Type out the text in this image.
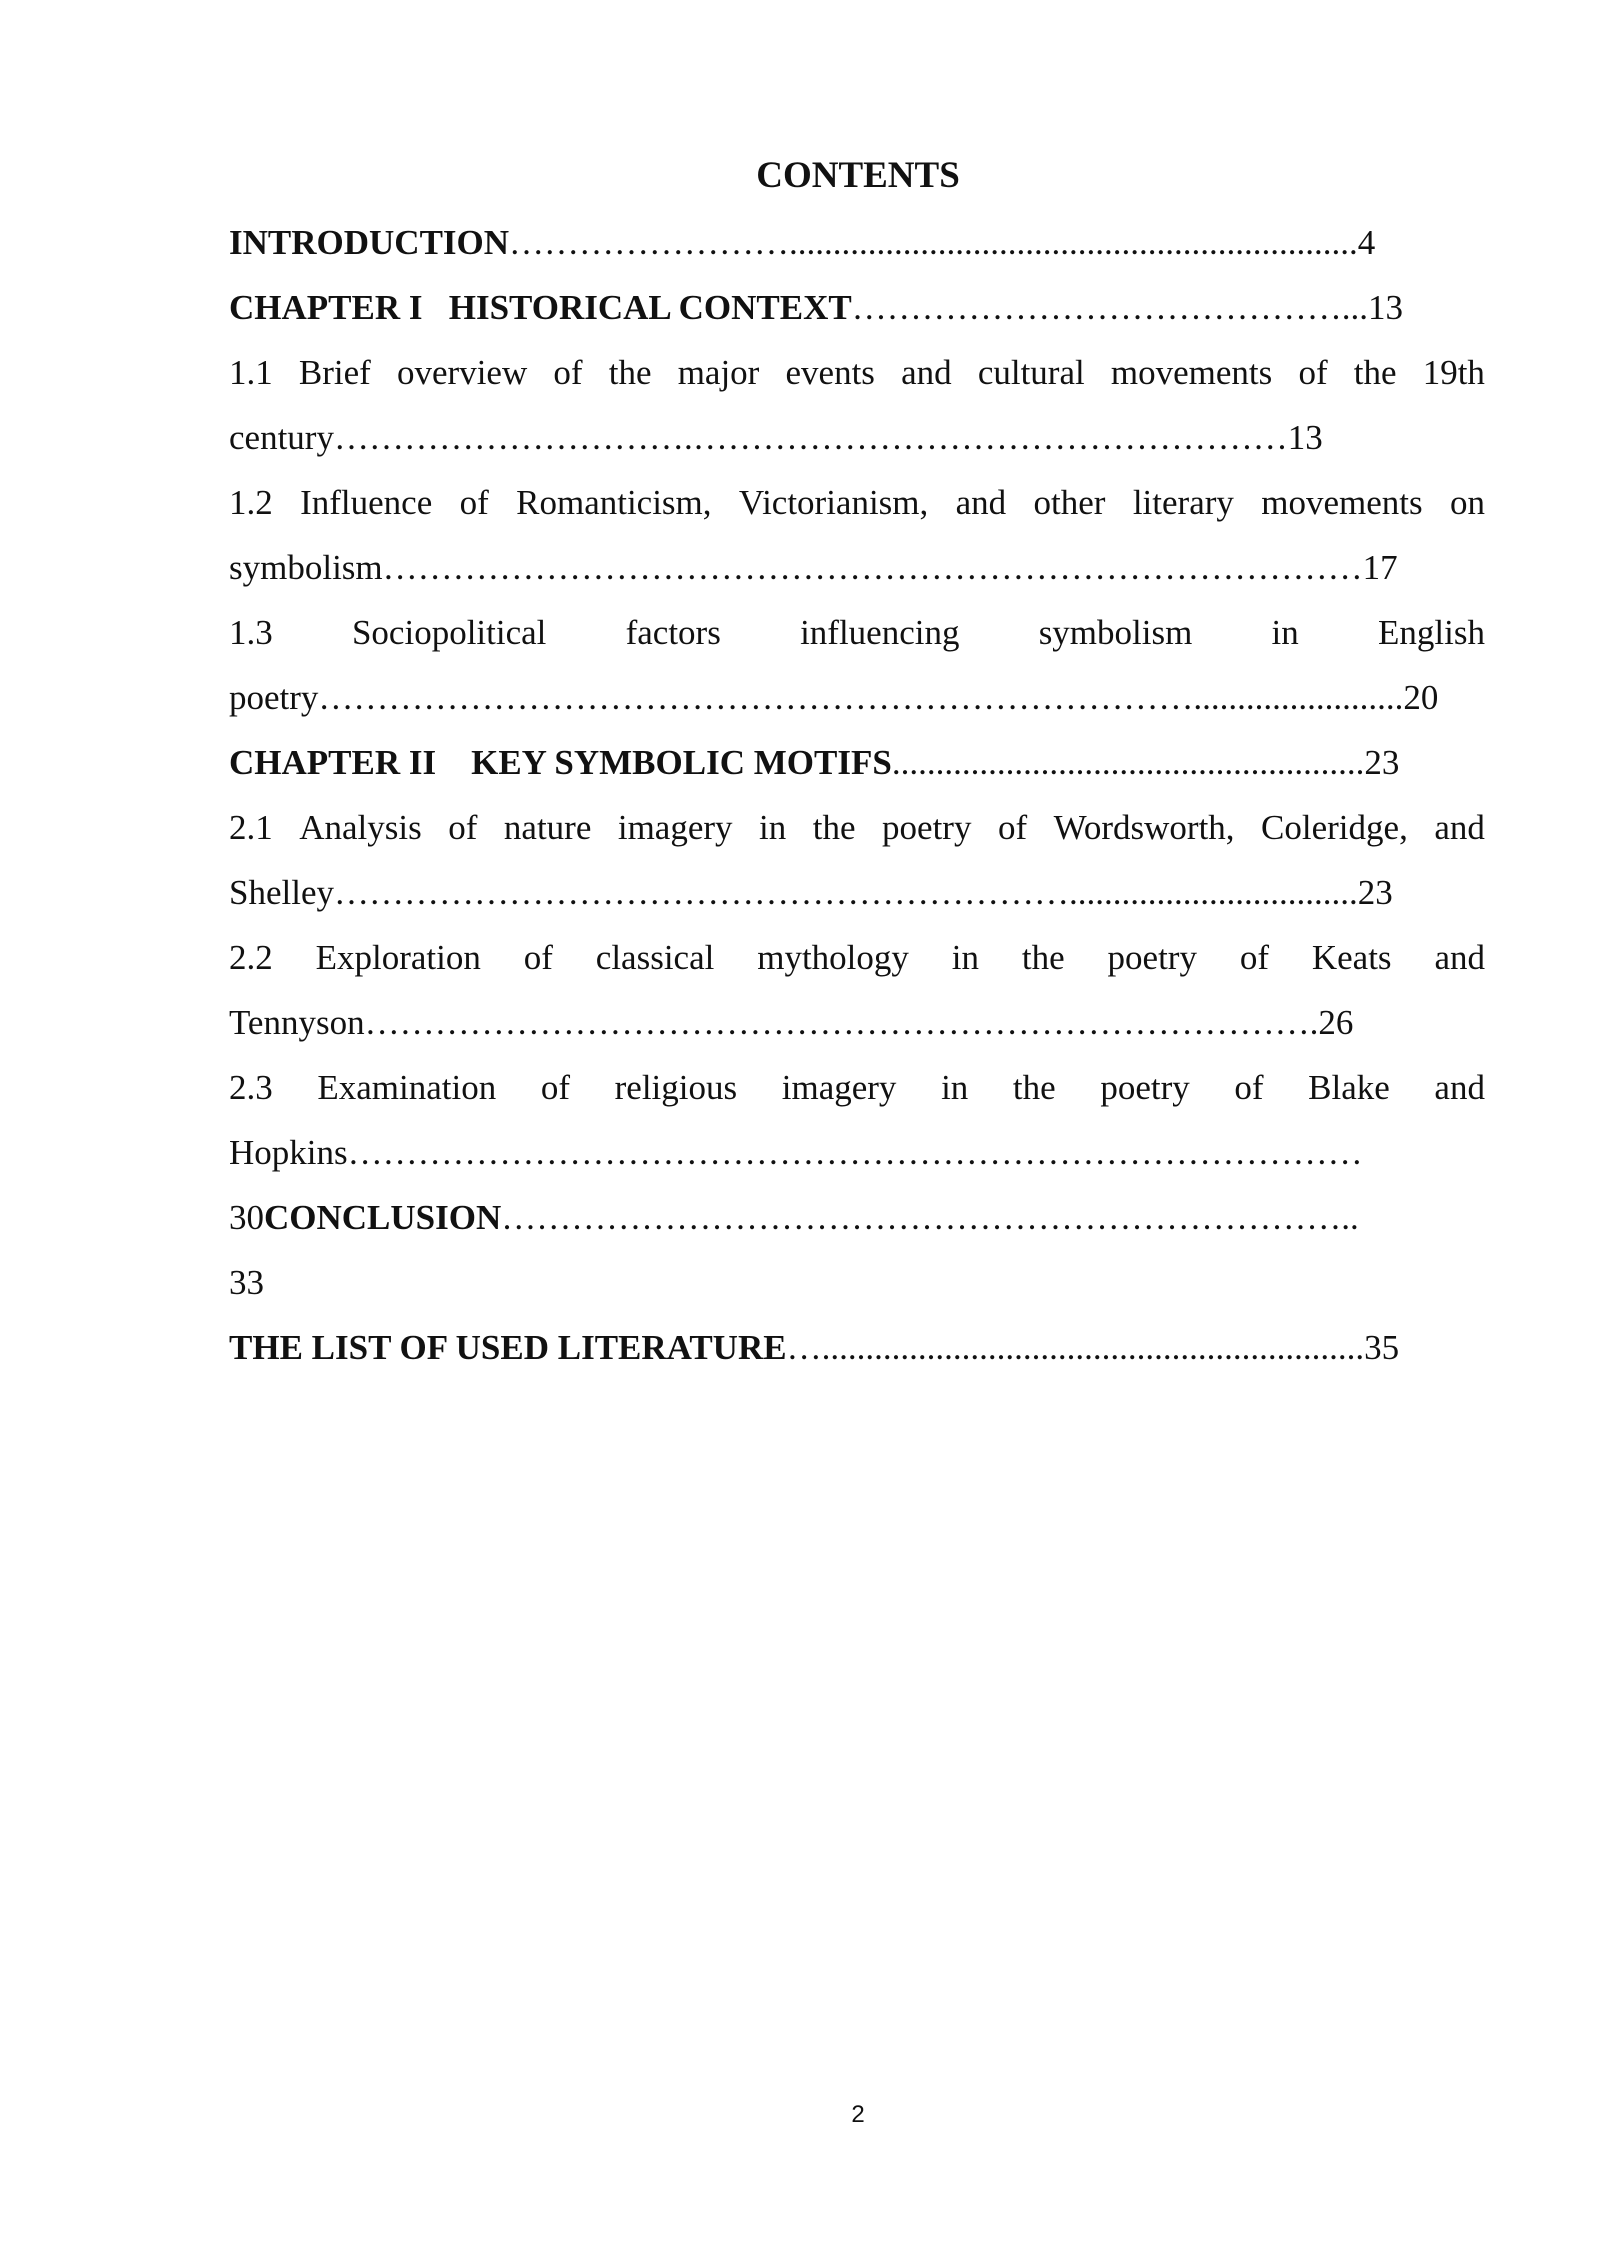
CONTENTS
INTRODUCTION…………………….................................................................4
CHAPTER I   HISTORICAL CONTEXT……………………………………...13
1.1 Brief overview of the major events and cultural movements of the 19th
century………………………….……………………………………………13
1.2 Influence of Romanticism, Victorianism, and other literary movements on
symbolism…………………………………………………………………………17
1.3 Sociopolitical factors influencing symbolism in English
poetry…………………………………………………………………........................20
CHAPTER II    KEY SYMBOLIC MOTIFS......................................................23
2.1 Analysis of nature imagery in the poetry of Wordsworth, Coleridge, and
Shelley……………………………………………………….................................23
2.2 Exploration of classical mythology in the poetry of Keats and
Tennyson……………………………………………………………………….26
2.3 Examination of religious imagery in the poetry of Blake and
Hopkins……………………………………………………………………………
30CONCLUSION………………………………………………………………..
33
THE LIST OF USED LITERATURE…..............................................................35
2
